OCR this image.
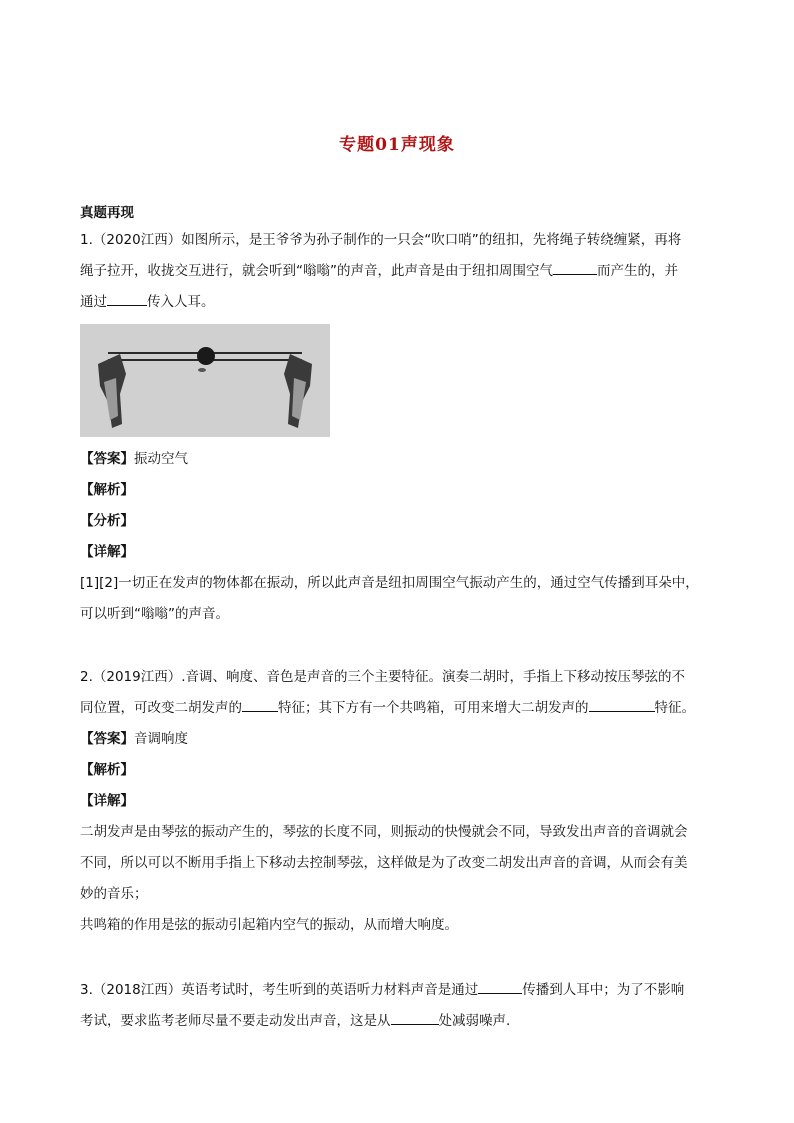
专题01声现象
真题再现
1.（2020江西）如图所示，是王爷爷为孙子制作的一只会“吹口哨”的纽扣，先将绳子转绕缠紧，再将
绳子拉开，收拢交互进行，就会听到“嗡嗡”的声音，此声音是由于纽扣周围空气	而产生的，并
通过	传入人耳。
【答案】振动空气
【解析】
【分析】
【详解】
[1][2]一切正在发声的物体都在振动，所以此声音是纽扣周围空气振动产生的，通过空气传播到耳朵中，
可以听到“嗡嗡”的声音。
2.（2019江西）.音调、响度、音色是声音的三个主要特征。演奏二胡时，手指上下移动按压琴弦的不
同位置，可改变二胡发声的	特征；其下方有一个共鸣箱，可用来增大二胡发声的	特征。
【答案】音调响度
【解析】
【详解】
二胡发声是由琴弦的振动产生的，琴弦的长度不同，则振动的快慢就会不同，导致发出声音的音调就会
不同，所以可以不断用手指上下移动去控制琴弦，这样做是为了改变二胡发出声音的音调，从而会有美
妙的音乐；
共鸣箱的作用是弦的振动引起箱内空气的振动，从而增大响度。
3.（2018江西）英语考试时，考生听到的英语听力材料声音是通过	传播到人耳中；为了不影响
考试，要求监考老师尽量不要走动发出声音，这是从	处减弱噪声.
